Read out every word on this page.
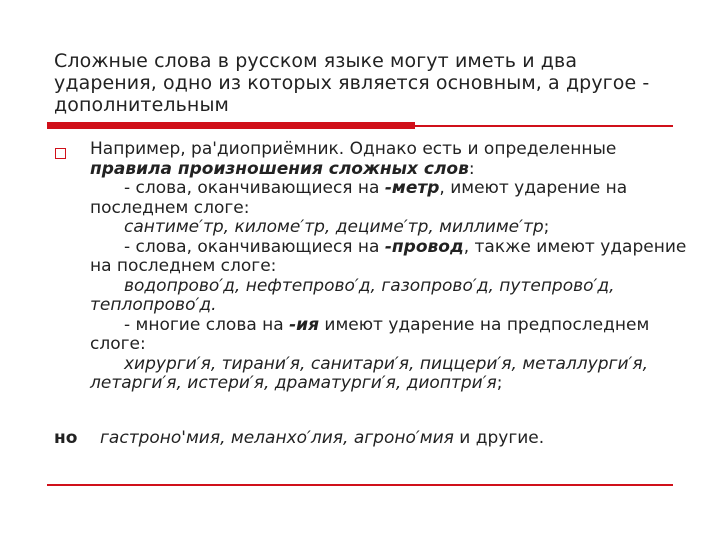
Сложные слова в русском языке могут иметь и два ударения, одно из которых является основным, а другое - дополнительным

Например, ра'диоприёмник. Однако есть и определенные правила произношения сложных слов:

- слова, оканчивающиеся на -метр, имеют ударение на последнем слоге:

сантиме′тр, киломе′тр, дециме′тр, миллиме′тр;

- слова, оканчивающиеся на -провод, также имеют ударение на последнем слоге:

водопрово′д, нефтепрово′д, газопрово′д, путепрово′д, теплопрово′д.

- многие слова на -ия имеют ударение на предпоследнем слоге:

хирурги′я, тирани′я, санитари′я, пиццери′я, металлурги′я, летарги′я, истери′я, драматурги′я, диоптри′я;

но гастроно'мия, меланхо′лия, агроно′мия и другие.
